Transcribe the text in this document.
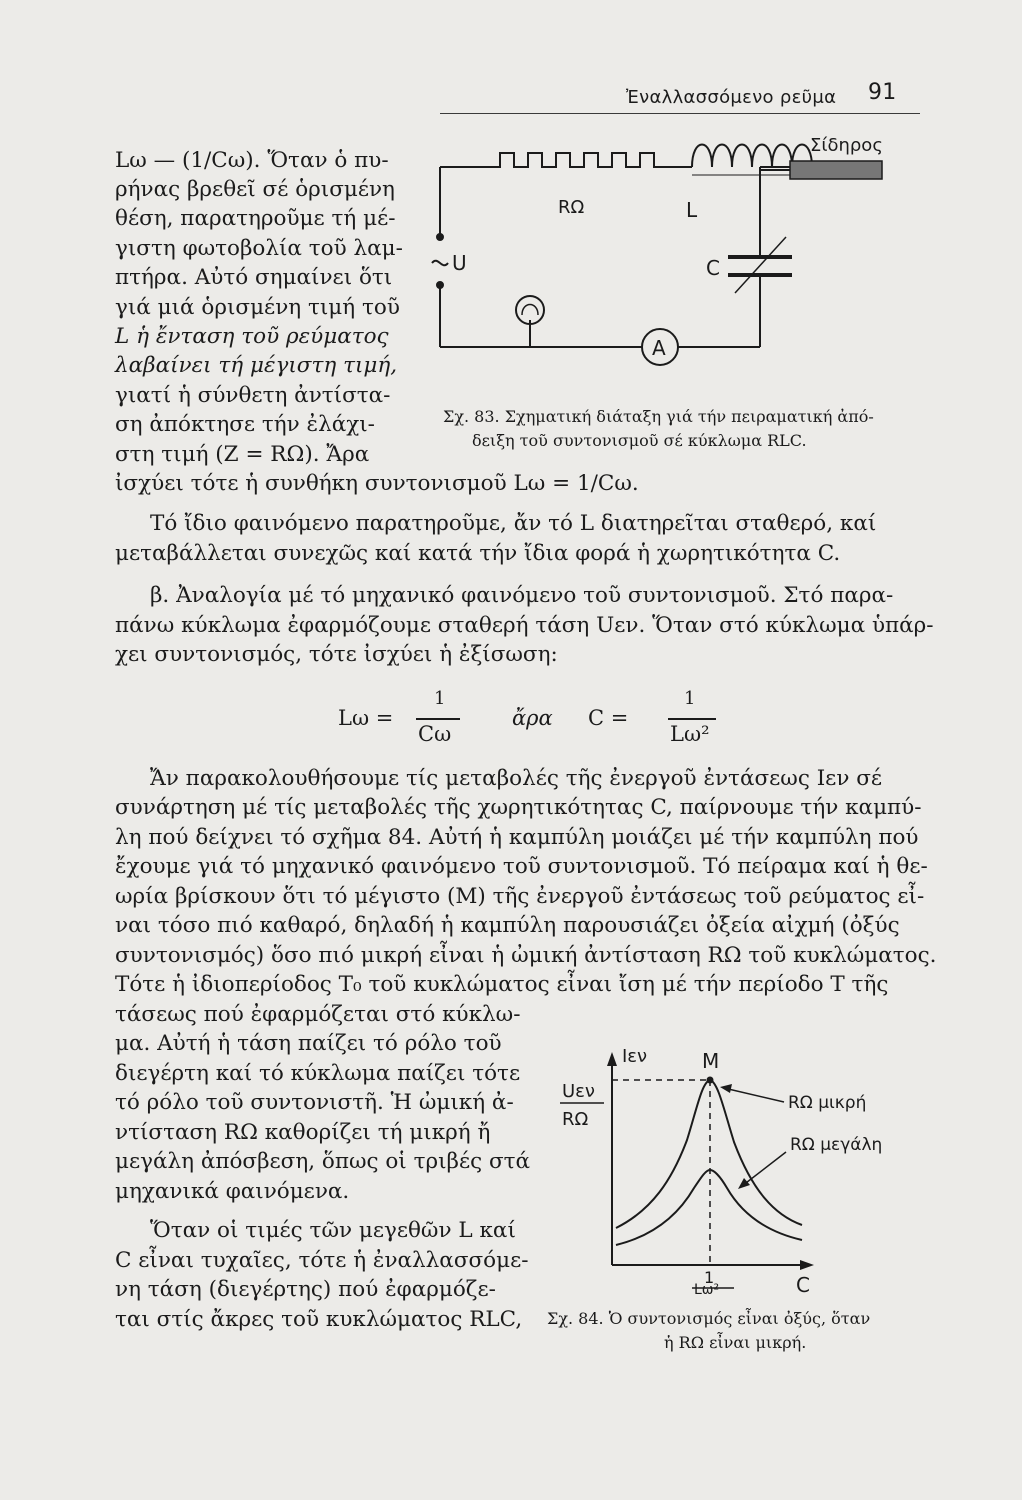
Ἐναλλασσόμενο ρεῦμα 91
U
RΩ	L
C
A
Σίδηρος
Σχ. 83. Σχηματική διάταξη γιά τήν πειραματική ἀπό-
δειξη τοῦ συντονισμοῦ σέ κύκλωμα RLC.
Lω — (1/Cω). Ὅταν ὁ πυ-
ρήνας βρεθεῖ σέ ὁρισμένη
θέση, παρατηροῦμε τή μέ-
γιστη φωτοβολία τοῦ λαμ-
πτήρα. Αὐτό σημαίνει ὅτι
γιά μιά ὁρισμένη τιμή τοῦ
L ἡ ἔνταση τοῦ ρεύματος
λαβαίνει τή μέγιστη τιμή,
γιατί ἡ σύνθετη ἀντίστα-
ση ἀπόκτησε τήν ἐλάχι-
στη τιμή (Z = RΩ). Ἄρα
ἰσχύει τότε ἡ συνθήκη συντονισμοῦ Lω = 1/Cω.
Τό ἴδιο φαινόμενο παρατηροῦμε, ἄν τό L διατηρεῖται σταθερό, καί
μεταβάλλεται συνεχῶς καί κατά τήν ἴδια φορά ἡ χωρητικότητα C.
β. Ἀναλογία μέ τό μηχανικό φαινόμενο τοῦ συντονισμοῦ. Στό παρα-
πάνω κύκλωμα ἐφαρμόζουμε σταθερή τάση Uεν. Ὅταν στό κύκλωμα ὑπάρ-
χει συντονισμός, τότε ἰσχύει ἡ ἐξίσωση:
Lω =
1
Cω
ἄρα C =
1
Lω²
Ἄν παρακολουθήσουμε τίς μεταβολές τῆς ἐνεργοῦ ἐντάσεως Iεν σέ
συνάρτηση μέ τίς μεταβολές τῆς χωρητικότητας C, παίρνουμε τήν καμπύ-
λη πού δείχνει τό σχῆμα 84. Αὐτή ἡ καμπύλη μοιάζει μέ τήν καμπύλη πού
ἔχουμε γιά τό μηχανικό φαινόμενο τοῦ συντονισμοῦ. Τό πείραμα καί ἡ θε-
ωρία βρίσκουν ὅτι τό μέγιστο (M) τῆς ἐνεργοῦ ἐντάσεως τοῦ ρεύματος εἶ-
ναι τόσο πιό καθαρό, δηλαδή ἡ καμπύλη παρουσιάζει ὀξεία αἰχμή (ὀξύς
συντονισμός) ὅσο πιό μικρή εἶναι ἡ ὠμική ἀντίσταση RΩ τοῦ κυκλώματος.
Τότε ἡ ἰδιοπερίοδος T₀ τοῦ κυκλώματος εἶναι ἴση μέ τήν περίοδο T τῆς
τάσεως πού ἐφαρμόζεται στό κύκλω-
μα. Αὐτή ἡ τάση παίζει τό ρόλο τοῦ
διεγέρτη καί τό κύκλωμα παίζει τότε
τό ρόλο τοῦ συντονιστῆ. Ἡ ὠμική ἀ-
ντίσταση RΩ καθορίζει τή μικρή ἤ
μεγάλη ἀπόσβεση, ὅπως οἱ τριβές στά
μηχανικά φαινόμενα.
Ὅταν οἱ τιμές τῶν μεγεθῶν L καί
C εἶναι τυχαῖες, τότε ἡ ἐναλλασσόμε-
νη τάση (διεγέρτης) πού ἐφαρμόζε-
ται στίς ἄκρες τοῦ κυκλώματος RLC,
Iεν
Uεν
RΩ
M
RΩ μικρή
RΩ μεγάλη
C
1
Lω²
Σχ. 84. Ὁ συντονισμός εἶναι ὀξύς, ὅταν
ἡ RΩ εἶναι μικρή.
